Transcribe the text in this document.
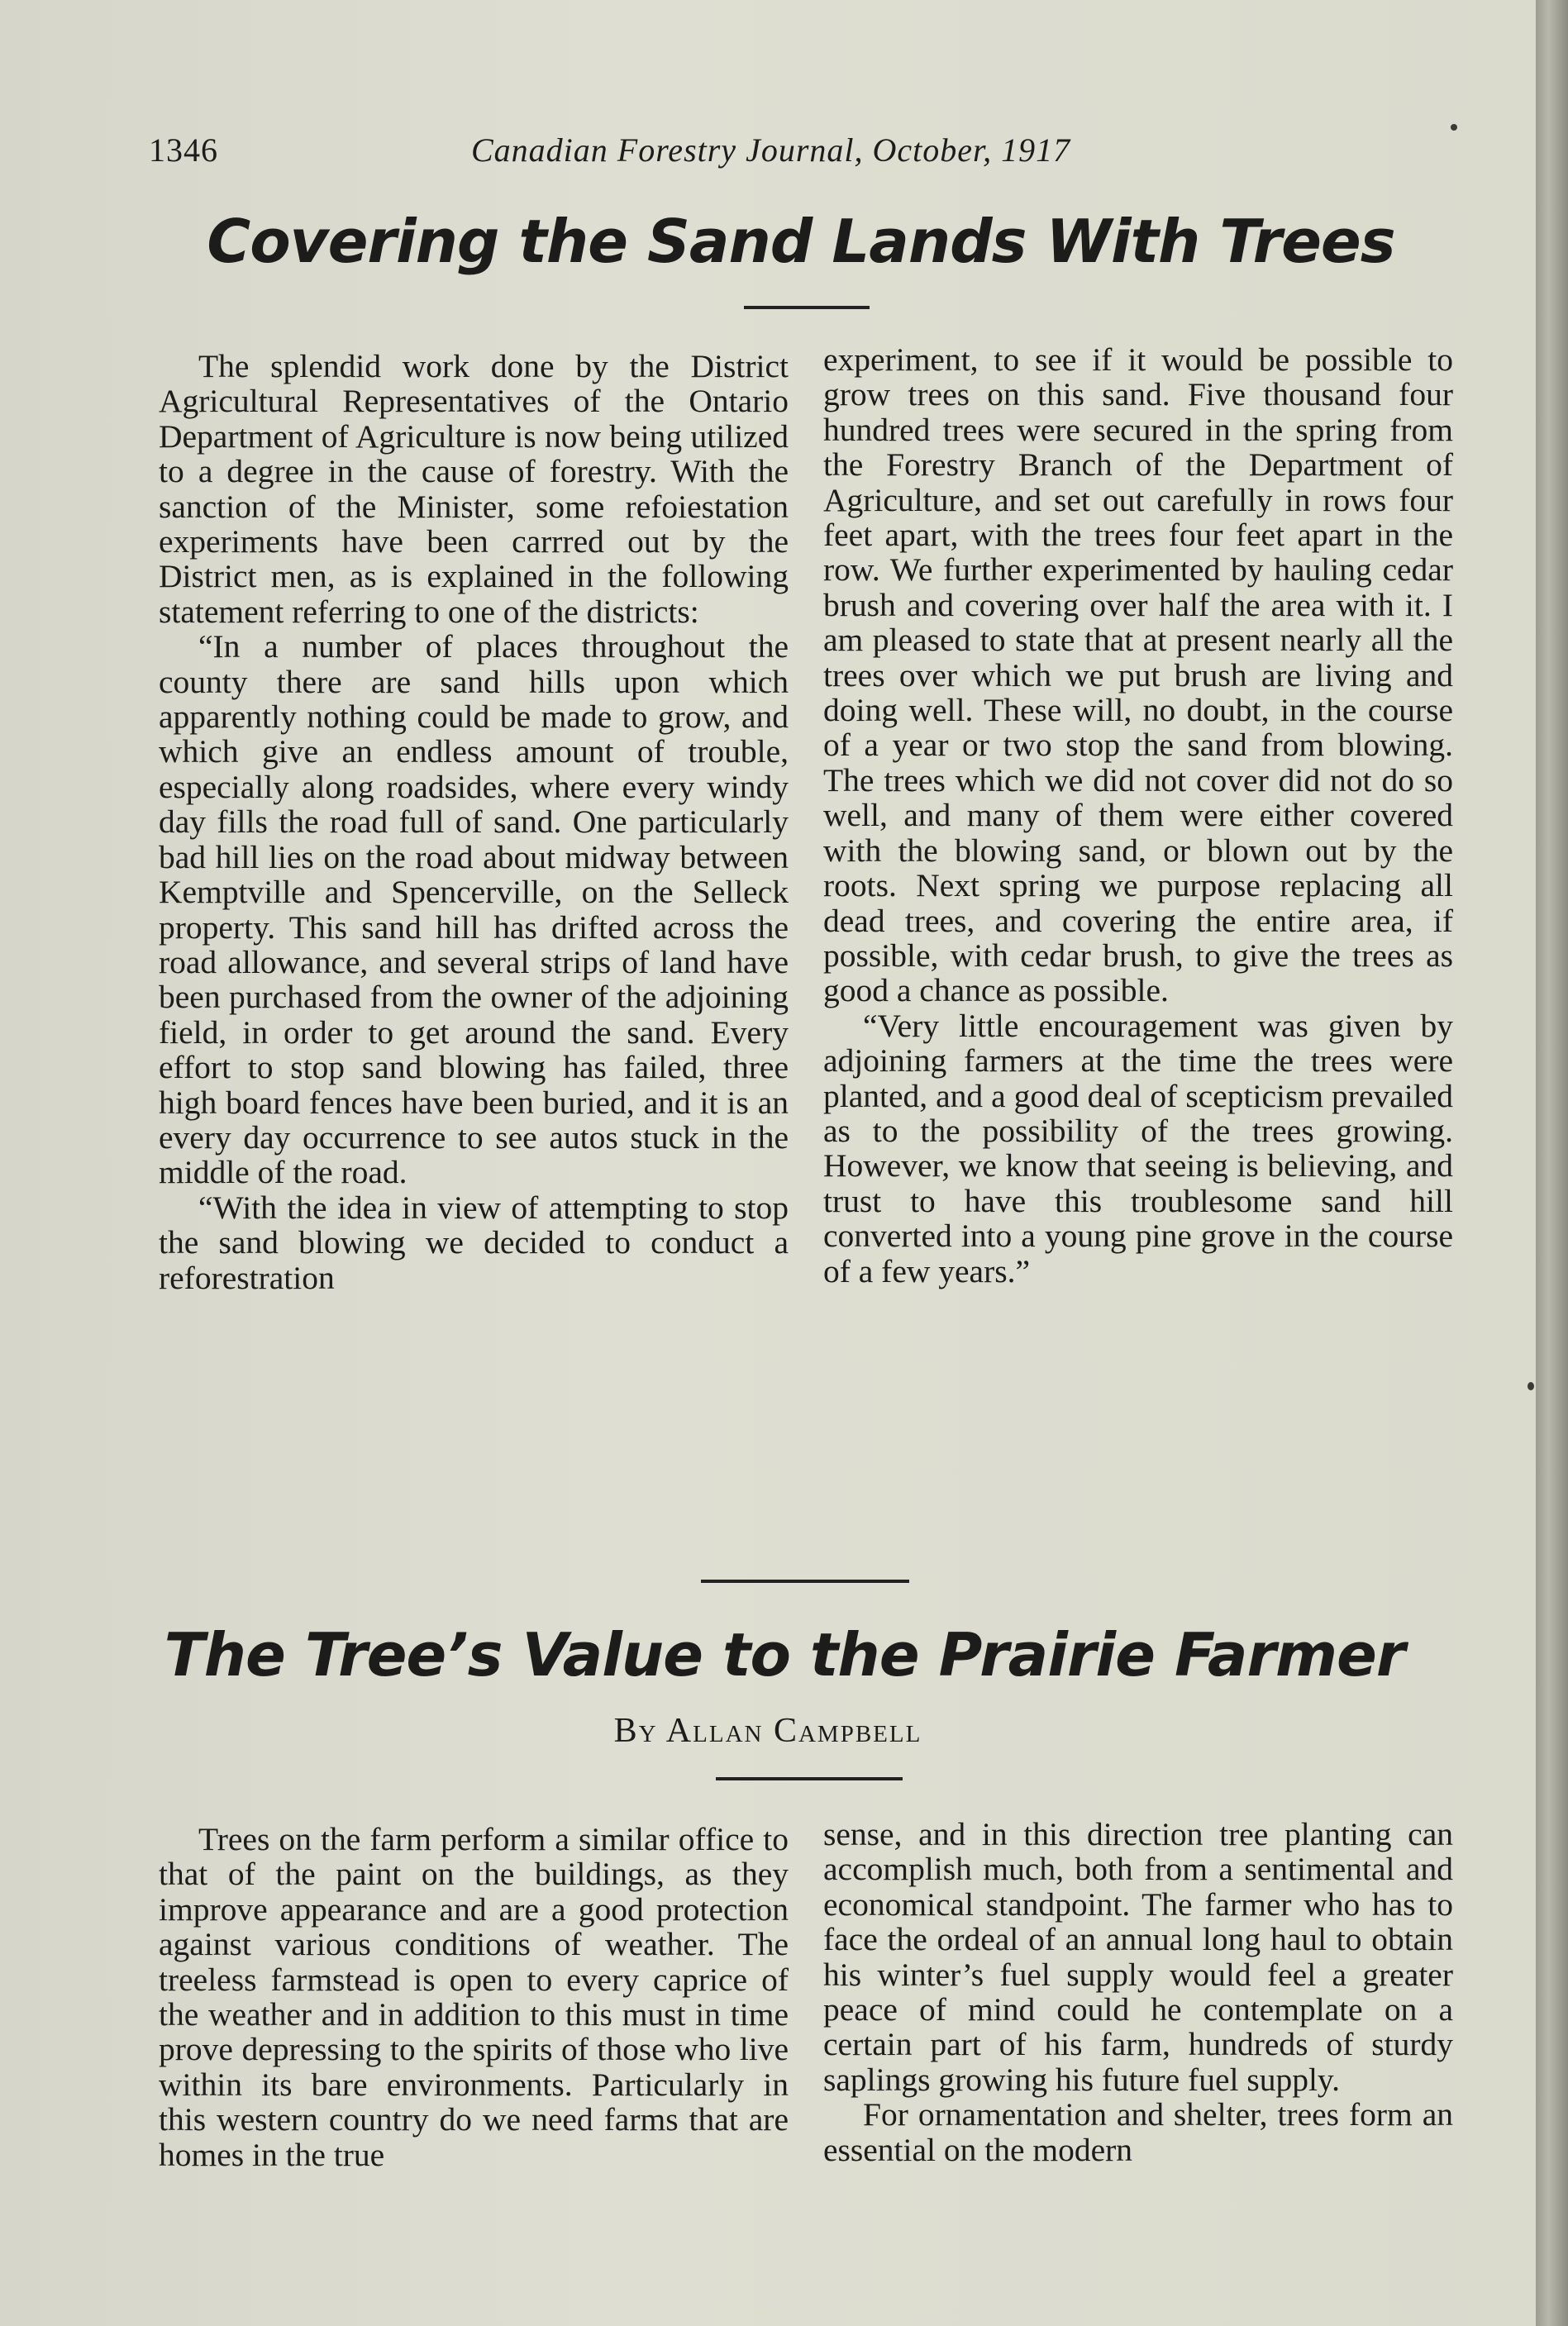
1346	Canadian Forestry Journal, October, 1917
Covering the Sand Lands With Trees

The splendid work done by the District Agricultural Representatives of the Ontario Department of Agriculture is now being utilized to a degree in the cause of forestry. With the sanction of the Minister, some refoiestation experiments have been carrred out by the District men, as is explained in the following statement referring to one of the districts:

“In a number of places throughout the county there are sand hills upon which apparently nothing could be made to grow, and which give an endless amount of trouble, especially along roadsides, where every windy day fills the road full of sand. One particularly bad hill lies on the road about midway between Kemptville and Spencerville, on the Selleck property. This sand hill has drifted across the road allowance, and several strips of land have been purchased from the owner of the adjoining field, in order to get around the sand. Every effort to stop sand blowing has failed, three high board fences have been buried, and it is an every day occurrence to see autos stuck in the middle of the road.

“With the idea in view of attempting to stop the sand blowing we decided to conduct a reforestration

experiment, to see if it would be possible to grow trees on this sand. Five thousand four hundred trees were secured in the spring from the Forestry Branch of the Department of Agriculture, and set out carefully in rows four feet apart, with the trees four feet apart in the row. We further experimented by hauling cedar brush and covering over half the area with it. I am pleased to state that at present nearly all the trees over which we put brush are living and doing well. These will, no doubt, in the course of a year or two stop the sand from blowing. The trees which we did not cover did not do so well, and many of them were either covered with the blowing sand, or blown out by the roots. Next spring we purpose replacing all dead trees, and covering the entire area, if possible, with cedar brush, to give the trees as good a chance as possible.

“Very little encouragement was given by adjoining farmers at the time the trees were planted, and a good deal of scepticism prevailed as to the possibility of the trees growing. However, we know that seeing is believing, and trust to have this troublesome sand hill converted into a young pine grove in the course of a few years.”

The Tree’s Value to the Prairie Farmer

By Allan Campbell

Trees on the farm perform a similar office to that of the paint on the buildings, as they improve appearance and are a good protection against various conditions of weather. The treeless farmstead is open to every caprice of the weather and in addition to this must in time prove depressing to the spirits of those who live within its bare environments. Particularly in this western country do we need farms that are homes in the true

sense, and in this direction tree planting can accomplish much, both from a sentimental and economical standpoint. The farmer who has to face the ordeal of an annual long haul to obtain his winter’s fuel supply would feel a greater peace of mind could he contemplate on a certain part of his farm, hundreds of sturdy saplings growing his future fuel supply.

For ornamentation and shelter, trees form an essential on the modern
